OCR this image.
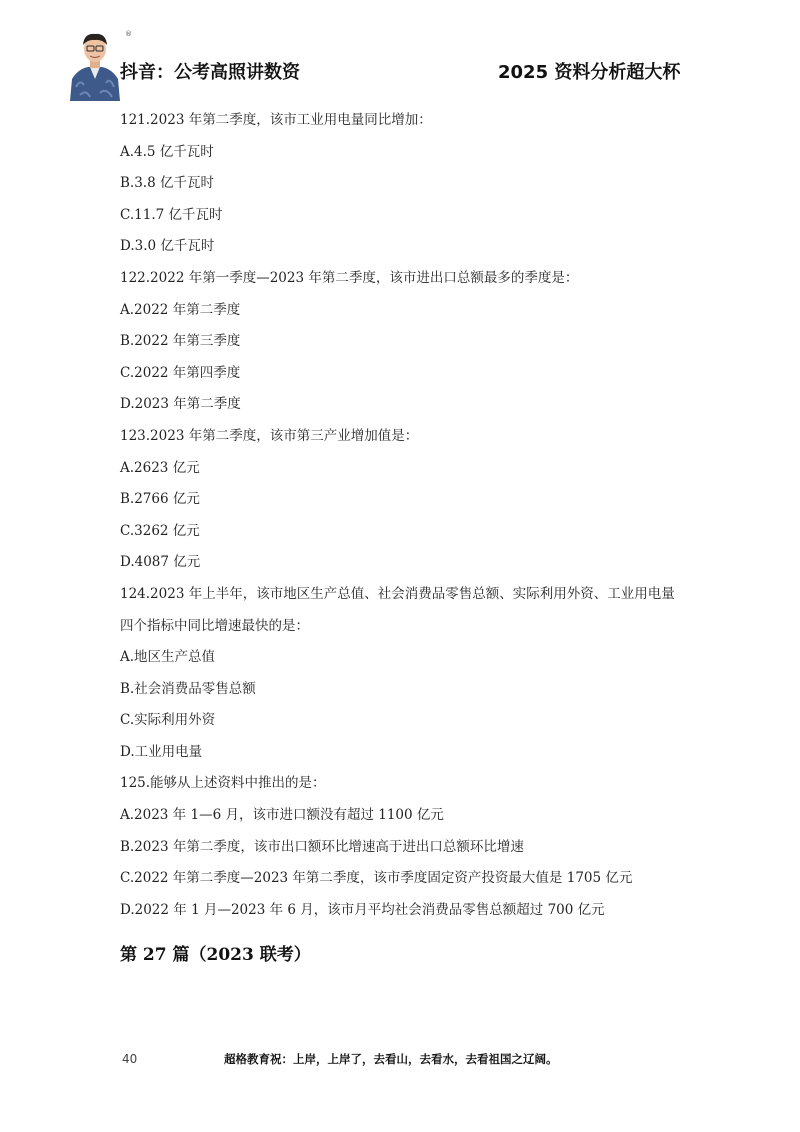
®
抖音：公考高照讲数资	2025 资料分析超大杯
121.2023 年第二季度，该市工业用电量同比增加：
A.4.5 亿千瓦时
B.3.8 亿千瓦时
C.11.7 亿千瓦时
D.3.0 亿千瓦时
122.2022 年第一季度—2023 年第二季度，该市进出口总额最多的季度是：
A.2022 年第二季度
B.2022 年第三季度
C.2022 年第四季度
D.2023 年第二季度
123.2023 年第二季度，该市第三产业增加值是：
A.2623 亿元
B.2766 亿元
C.3262 亿元
D.4087 亿元
124.2023 年上半年，该市地区生产总值、社会消费品零售总额、实际利用外资、工业用电量
四个指标中同比增速最快的是：
A.地区生产总值
B.社会消费品零售总额
C.实际利用外资
D.工业用电量
125.能够从上述资料中推出的是：
A.2023 年 1—6 月，该市进口额没有超过 1100 亿元
B.2023 年第二季度，该市出口额环比增速高于进出口总额环比增速
C.2022 年第二季度—2023 年第二季度，该市季度固定资产投资最大值是 1705 亿元
D.2022 年 1 月—2023 年 6 月，该市月平均社会消费品零售总额超过 700 亿元
第 27 篇（2023 联考）
40	超格教育祝：上岸，上岸了，去看山，去看水，去看祖国之辽阔。
